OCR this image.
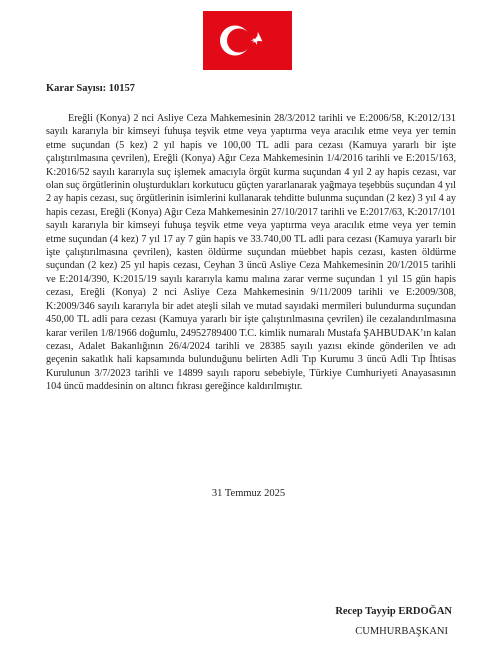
Karar Sayısı: 10157

Ereğli (Konya) 2 nci Asliye Ceza Mahkemesinin 28/3/2012 tarihli ve E:2006/58, K:2012/131 sayılı kararıyla bir kimseyi fuhuşa teşvik etme veya yaptırma veya aracılık etme veya yer temin etme suçundan (5 kez) 2 yıl hapis ve 100,00 TL adli para cezası (Kamuya yararlı bir işte çalıştırılmasına çevrilen), Ereğli (Konya) Ağır Ceza Mahkemesinin 1/4/2016 tarihli ve E:2015/163, K:2016/52 sayılı kararıyla suç işlemek amacıyla örgüt kurma suçundan 4 yıl 2 ay hapis cezası, var olan suç örgütlerinin oluşturdukları korkutucu güçten yararlanarak yağmaya teşebbüs suçundan 4 yıl 2 ay hapis cezası, suç örgütlerinin isimlerini kullanarak tehditte bulunma suçundan (2 kez) 3 yıl 4 ay hapis cezası, Ereğli (Konya) Ağır Ceza Mahkemesinin 27/10/2017 tarihli ve E:2017/63, K:2017/101 sayılı kararıyla bir kimseyi fuhuşa teşvik etme veya yaptırma veya aracılık etme veya yer temin etme suçundan (4 kez) 7 yıl 17 ay 7 gün hapis ve 33.740,00 TL adli para cezası (Kamuya yararlı bir işte çalıştırılmasına çevrilen), kasten öldürme suçundan müebbet hapis cezası, kasten öldürme suçundan (2 kez) 25 yıl hapis cezası, Ceyhan 3 üncü Asliye Ceza Mahkemesinin 20/1/2015 tarihli ve E:2014/390, K:2015/19 sayılı kararıyla kamu malına zarar verme suçundan 1 yıl 15 gün hapis cezası, Ereğli (Konya) 2 nci Asliye Ceza Mahkemesinin 9/11/2009 tarihli ve E:2009/308, K:2009/346 sayılı kararıyla bir adet ateşli silah ve mutad sayıdaki mermileri bulundurma suçundan 450,00 TL adli para cezası (Kamuya yararlı bir işte çalıştırılmasına çevrilen) ile cezalandırılmasına karar verilen 1/8/1966 doğumlu, 24952789400 T.C. kimlik numaralı Mustafa ŞAHBUDAK’ın kalan cezası, Adalet Bakanlığının 26/4/2024 tarihli ve 28385 sayılı yazısı ekinde gönderilen ve adı geçenin sakatlık hali kapsamında bulunduğunu belirten Adli Tıp Kurumu 3 üncü Adli Tıp İhtisas Kurulunun 3/7/2023 tarihli ve 14899 sayılı raporu sebebiyle, Türkiye Cumhuriyeti Anayasasının 104 üncü maddesinin on altıncı fıkrası gereğince kaldırılmıştır.

31 Temmuz 2025
Recep Tayyip ERDOĞAN
CUMHURBAŞKANI
